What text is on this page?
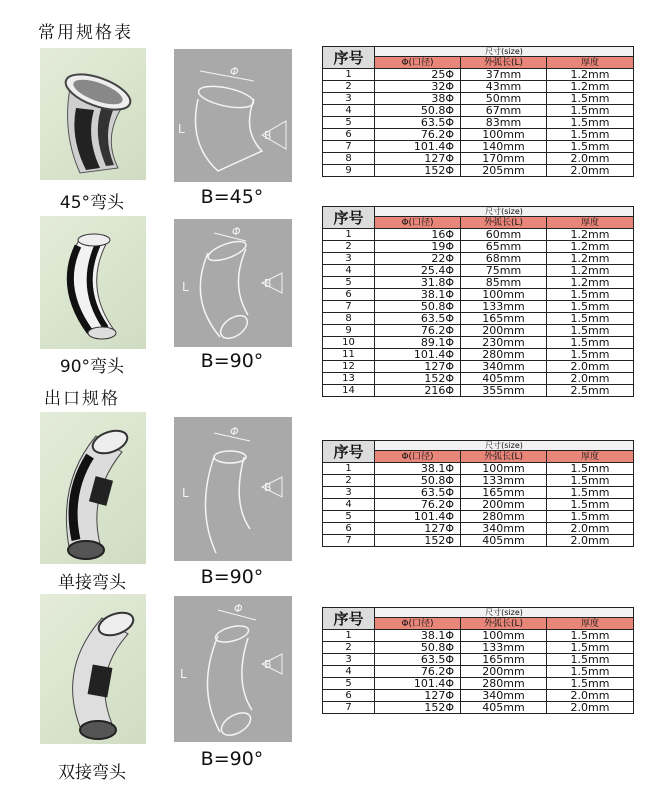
常用规格表
出口规格
Φ
L	B
45°弯头	B=45°
序号	尺寸(size)		
	Φ(口径)	外弧长(L)	厚度
1	25Φ	37mm	1.2mm
2	32Φ	43mm	1.2mm
3	38Φ	50mm	1.5mm
4	50.8Φ	67mm	1.5mm
5	63.5Φ	83mm	1.5mm
6	76.2Φ	100mm	1.5mm
7	101.4Φ	140mm	1.5mm
8	127Φ	170mm	2.0mm
9	152Φ	205mm	2.0mm
Φ
L	B
90°弯头	B=90°
序号	尺寸(size)		
	Φ(口径)	外弧长(L)	厚度
1	16Φ	60mm	1.2mm
2	19Φ	65mm	1.2mm
3	22Φ	68mm	1.2mm
4	25.4Φ	75mm	1.2mm
5	31.8Φ	85mm	1.2mm
6	38.1Φ	100mm	1.5mm
7	50.8Φ	133mm	1.5mm
8	63.5Φ	165mm	1.5mm
9	76.2Φ	200mm	1.5mm
10	89.1Φ	230mm	1.5mm
11	101.4Φ	280mm	1.5mm
12	127Φ	340mm	2.0mm
13	152Φ	405mm	2.0mm
14	216Φ	355mm	2.5mm
Φ
L	B
单接弯头	B=90°
序号	尺寸(size)		
	Φ(口径)	外弧长(L)	厚度
1	38.1Φ	100mm	1.5mm
2	50.8Φ	133mm	1.5mm
3	63.5Φ	165mm	1.5mm
4	76.2Φ	200mm	1.5mm
5	101.4Φ	280mm	1.5mm
6	127Φ	340mm	2.0mm
7	152Φ	405mm	2.0mm
Φ
L
B
双接弯头
B=90°
序号	尺寸(size)		
	Φ(口径)	外弧长(L)	厚度
1	38.1Φ	100mm	1.5mm
2	50.8Φ	133mm	1.5mm
3	63.5Φ	165mm	1.5mm
4	76.2Φ	200mm	1.5mm
5	101.4Φ	280mm	1.5mm
6	127Φ	340mm	2.0mm
7	152Φ	405mm	2.0mm
